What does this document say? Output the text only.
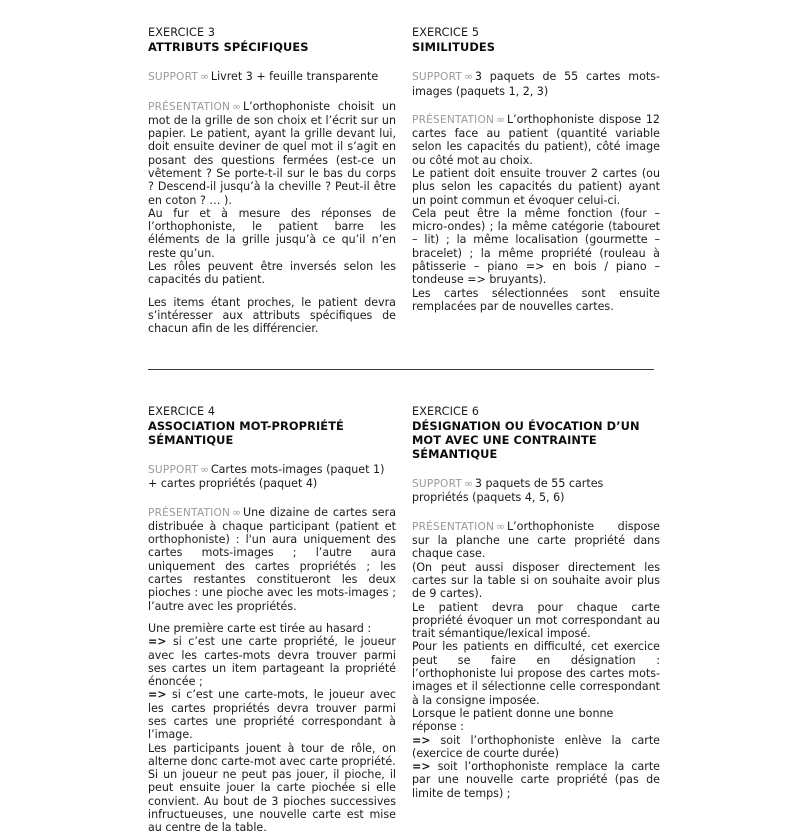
EXERCICE 3
ATTRIBUTS SPÉCIFIQUES

SUPPORT ∞ Livret 3 + feuille transparente

PRÉSENTATION ∞ L’orthophoniste choisit un mot de la grille de son choix et l’écrit sur un papier. Le patient, ayant la grille devant lui, doit ensuite deviner de quel mot il s’agit en posant des questions fermées (est-ce un vêtement ? Se porte-t-il sur le bas du corps ? Descend-il jusqu’à la cheville ? Peut-il être en coton ? … ).

Au fur et à mesure des réponses de l’orthophoniste, le patient barre les éléments de la grille jusqu’à ce qu’il n’en reste qu’un.

Les rôles peuvent être inversés selon les capacités du patient.

Les items étant proches, le patient devra s’intéresser aux attributs spécifiques de chacun afin de les différencier.

EXERCICE 5
SIMILITUDES

SUPPORT ∞ 3 paquets de 55 cartes mots-images (paquets 1, 2, 3)

PRÉSENTATION ∞ L’orthophoniste dispose 12 cartes face au patient (quantité variable selon les capacités du patient), côté image ou côté mot au choix.

Le patient doit ensuite trouver 2 cartes (ou plus selon les capacités du patient) ayant un point commun et évoquer celui-ci.

Cela peut être la même fonction (four – micro-ondes) ; la même catégorie (tabouret – lit) ; la même localisation (gourmette – bracelet) ; la même propriété (rouleau à pâtisserie – piano => en bois / piano – tondeuse => bruyants).

Les cartes sélectionnées sont ensuite remplacées par de nouvelles cartes.

EXERCICE 4
ASSOCIATION MOT-PROPRIÉTÉ SÉMANTIQUE

SUPPORT ∞ Cartes mots-images (paquet 1) + cartes propriétés (paquet 4)

PRÉSENTATION ∞ Une dizaine de cartes sera distribuée à chaque participant (patient et orthophoniste) : l'un aura uniquement des cartes mots-images ; l’autre aura uniquement des cartes propriétés ; les cartes restantes constitueront les deux pioches : une pioche avec les mots-images ; l’autre avec les propriétés.

Une première carte est tirée au hasard :

=> si c’est une carte propriété, le joueur avec les cartes-mots devra trouver parmi ses cartes un item partageant la propriété énoncée ;

=> si c’est une carte-mots, le joueur avec les cartes propriétés devra trouver parmi ses cartes une propriété correspondant à l’image.

Les participants jouent à tour de rôle, on alterne donc carte-mot avec carte propriété.

Si un joueur ne peut pas jouer, il pioche, il peut ensuite jouer la carte piochée si elle convient. Au bout de 3 pioches successives infructueuses, une nouvelle carte est mise au centre de la table.

EXERCICE 6
DÉSIGNATION OU ÉVOCATION D’UN MOT AVEC UNE CONTRAINTE SÉMANTIQUE

SUPPORT ∞ 3 paquets de 55 cartes propriétés (paquets 4, 5, 6)

PRÉSENTATION ∞ L’orthophoniste dispose sur la planche une carte propriété dans chaque case.

(On peut aussi disposer directement les cartes sur la table si on souhaite avoir plus de 9 cartes).

Le patient devra pour chaque carte propriété évoquer un mot correspondant au trait sémantique/lexical imposé.

Pour les patients en difficulté, cet exercice peut se faire en désignation : l’orthophoniste lui propose des cartes mots-images et il sélectionne celle correspondant à la consigne imposée.

Lorsque le patient donne une bonne réponse :

=> soit l’orthophoniste enlève la carte (exercice de courte durée)

=> soit l’orthophoniste remplace la carte par une nouvelle carte propriété (pas de limite de temps) ;
